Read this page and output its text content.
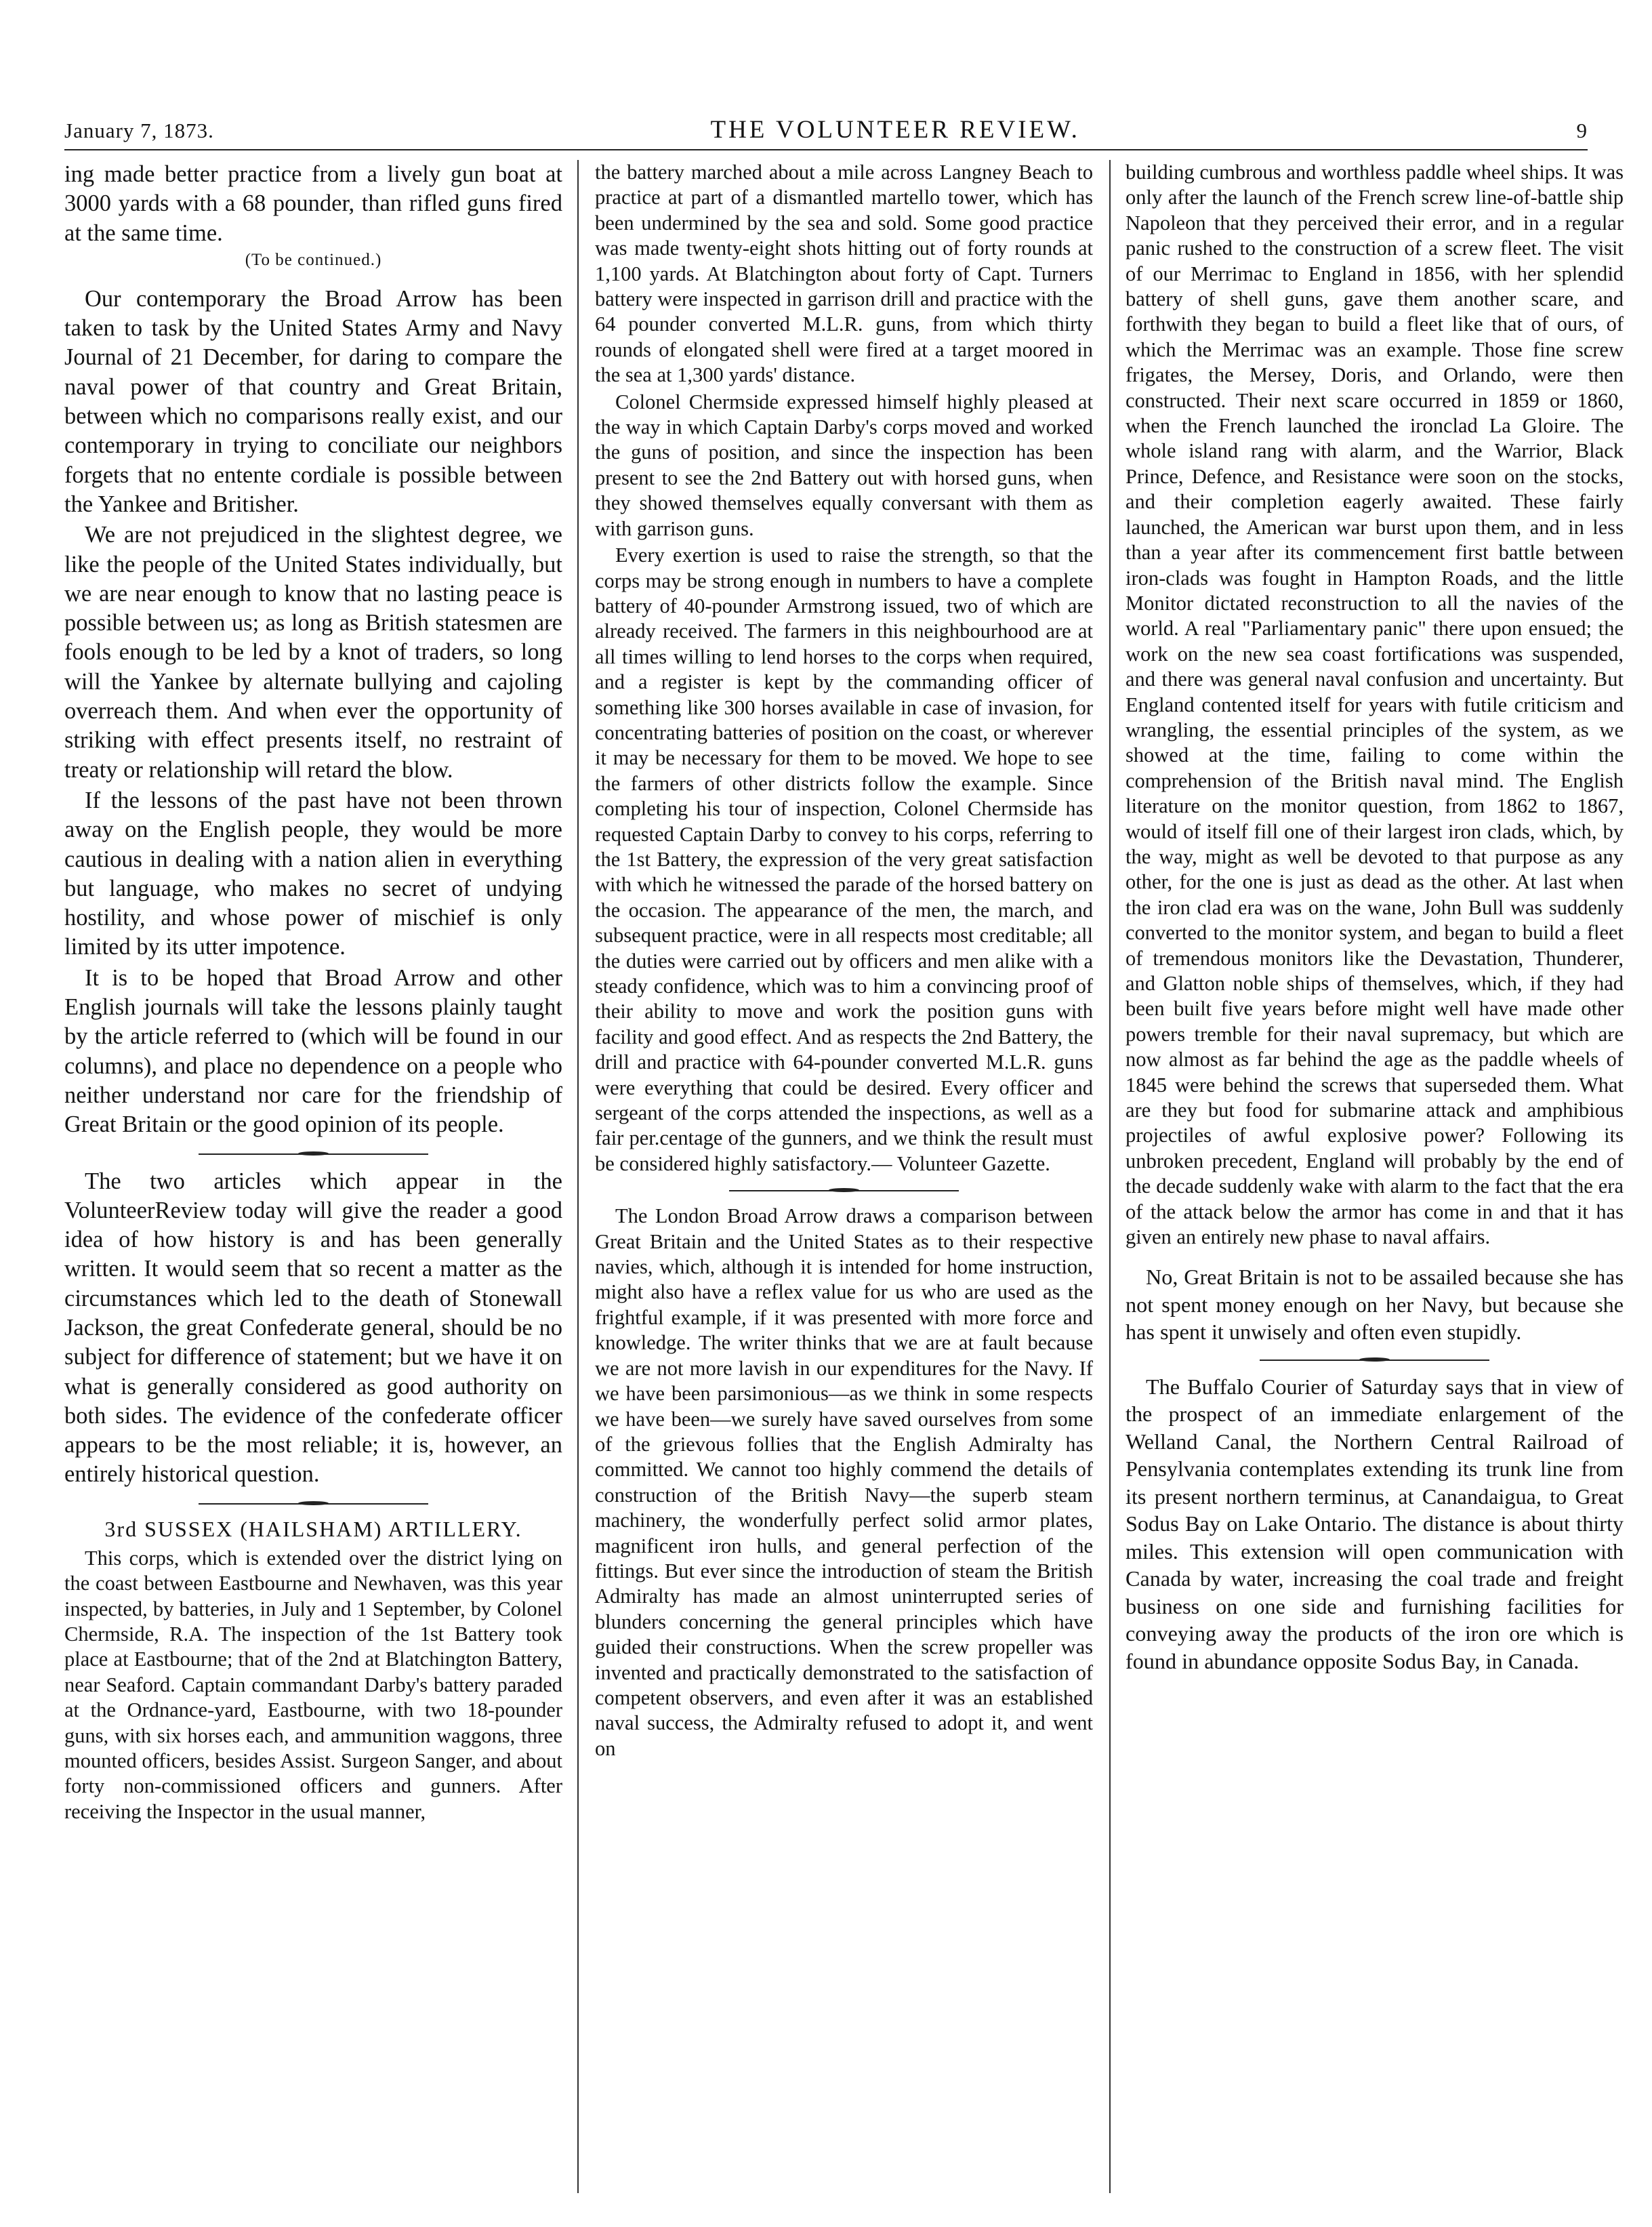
January 7, 1873.	THE VOLUNTEER REVIEW.	9

ing made better practice from a lively gun boat at 3000 yards with a 68 pounder, than rifled guns fired at the same time.

(To be continued.)

Our contemporary the Broad Arrow has been taken to task by the United States Army and Navy Journal of 21 December, for daring to compare the naval power of that country and Great Britain, between which no comparisons really exist, and our contemporary in trying to conciliate our neighbors forgets that no entente cordiale is possible between the Yankee and Britisher.

We are not prejudiced in the slightest degree, we like the people of the United States individually, but we are near enough to know that no lasting peace is possible between us; as long as British statesmen are fools enough to be led by a knot of traders, so long will the Yankee by alternate bullying and cajoling overreach them. And when ever the opportunity of striking with effect presents itself, no restraint of treaty or relationship will retard the blow.

If the lessons of the past have not been thrown away on the English people, they would be more cautious in dealing with a nation alien in everything but language, who makes no secret of undying hostility, and whose power of mischief is only limited by its utter impotence.

It is to be hoped that Broad Arrow and other English journals will take the lessons plainly taught by the article referred to (which will be found in our columns), and place no dependence on a people who neither understand nor care for the friendship of Great Britain or the good opinion of its people.

The two articles which appear in the VolunteerReview today will give the reader a good idea of how history is and has been generally written. It would seem that so recent a matter as the circumstances which led to the death of Stonewall Jackson, the great Confederate general, should be no subject for difference of statement; but we have it on what is generally considered as good authority on both sides. The evidence of the confederate officer appears to be the most reliable; it is, however, an entirely historical question.

3rd SUSSEX (HAILSHAM) ARTILLERY.

This corps, which is extended over the district lying on the coast between Eastbourne and Newhaven, was this year inspected, by batteries, in July and 1 September, by Colonel Chermside, R.A. The inspection of the 1st Battery took place at Eastbourne; that of the 2nd at Blatchington Battery, near Seaford. Captain commandant Darby's battery paraded at the Ordnance-yard, Eastbourne, with two 18-pounder guns, with six horses each, and ammunition waggons, three mounted officers, besides Assist. Surgeon Sanger, and about forty non-commissioned officers and gunners. After receiving the Inspector in the usual manner,

the battery marched about a mile across Langney Beach to practice at part of a dismantled martello tower, which has been undermined by the sea and sold. Some good practice was made twenty-eight shots hitting out of forty rounds at 1,100 yards. At Blatchington about forty of Capt. Turners battery were inspected in garrison drill and practice with the 64 pounder converted M.L.R. guns, from which thirty rounds of elongated shell were fired at a target moored in the sea at 1,300 yards' distance.

Colonel Chermside expressed himself highly pleased at the way in which Captain Darby's corps moved and worked the guns of position, and since the inspection has been present to see the 2nd Battery out with horsed guns, when they showed themselves equally conversant with them as with garrison guns.

Every exertion is used to raise the strength, so that the corps may be strong enough in numbers to have a complete battery of 40-pounder Armstrong issued, two of which are already received. The farmers in this neighbourhood are at all times willing to lend horses to the corps when required, and a register is kept by the commanding officer of something like 300 horses available in case of invasion, for concentrating batteries of position on the coast, or wherever it may be necessary for them to be moved. We hope to see the farmers of other districts follow the example. Since completing his tour of inspection, Colonel Chermside has requested Captain Darby to convey to his corps, referring to the 1st Battery, the expression of the very great satisfaction with which he witnessed the parade of the horsed battery on the occasion. The appearance of the men, the march, and subsequent practice, were in all respects most creditable; all the duties were carried out by officers and men alike with a steady confidence, which was to him a convincing proof of their ability to move and work the position guns with facility and good effect. And as respects the 2nd Battery, the drill and practice with 64-pounder converted M.L.R. guns were everything that could be desired. Every officer and sergeant of the corps attended the inspections, as well as a fair per.centage of the gunners, and we think the result must be considered highly satisfactory.— Volunteer Gazette.

The London Broad Arrow draws a comparison between Great Britain and the United States as to their respective navies, which, although it is intended for home instruction, might also have a reflex value for us who are used as the frightful example, if it was presented with more force and knowledge. The writer thinks that we are at fault because we are not more lavish in our expenditures for the Navy. If we have been parsimonious—as we think in some respects we have been—we surely have saved ourselves from some of the grievous follies that the English Admiralty has committed. We cannot too highly commend the details of construction of the British Navy—the superb steam machinery, the wonderfully perfect solid armor plates, magnificent iron hulls, and general perfection of the fittings. But ever since the introduction of steam the British Admiralty has made an almost uninterrupted series of blunders concerning the general principles which have guided their constructions. When the screw propeller was invented and practically demonstrated to the satisfaction of competent observers, and even after it was an established naval success, the Admiralty refused to adopt it, and went on

building cumbrous and worthless paddle wheel ships. It was only after the launch of the French screw line-of-battle ship Napoleon that they perceived their error, and in a regular panic rushed to the construction of a screw fleet. The visit of our Merrimac to England in 1856, with her splendid battery of shell guns, gave them another scare, and forthwith they began to build a fleet like that of ours, of which the Merrimac was an example. Those fine screw frigates, the Mersey, Doris, and Orlando, were then constructed. Their next scare occurred in 1859 or 1860, when the French launched the ironclad La Gloire. The whole island rang with alarm, and the Warrior, Black Prince, Defence, and Resistance were soon on the stocks, and their completion eagerly awaited. These fairly launched, the American war burst upon them, and in less than a year after its commencement first battle between iron-clads was fought in Hampton Roads, and the little Monitor dictated reconstruction to all the navies of the world. A real "Parliamentary panic" there upon ensued; the work on the new sea coast fortifications was suspended, and there was general naval confusion and uncertainty. But England contented itself for years with futile criticism and wrangling, the essential principles of the system, as we showed at the time, failing to come within the comprehension of the British naval mind. The English literature on the monitor question, from 1862 to 1867, would of itself fill one of their largest iron clads, which, by the way, might as well be devoted to that purpose as any other, for the one is just as dead as the other. At last when the iron clad era was on the wane, John Bull was suddenly converted to the monitor system, and began to build a fleet of tremendous monitors like the Devastation, Thunderer, and Glatton noble ships of themselves, which, if they had been built five years before might well have made other powers tremble for their naval supremacy, but which are now almost as far behind the age as the paddle wheels of 1845 were behind the screws that superseded them. What are they but food for submarine attack and amphibious projectiles of awful explosive power? Following its unbroken precedent, England will probably by the end of the decade suddenly wake with alarm to the fact that the era of the attack below the armor has come in and that it has given an entirely new phase to naval affairs.

No, Great Britain is not to be assailed because she has not spent money enough on her Navy, but because she has spent it unwisely and often even stupidly.

The Buffalo Courier of Saturday says that in view of the prospect of an immediate enlargement of the Welland Canal, the Northern Central Railroad of Pensylvania contemplates extending its trunk line from its present northern terminus, at Canandaigua, to Great Sodus Bay on Lake Ontario. The distance is about thirty miles. This extension will open communication with Canada by water, increasing the coal trade and freight business on one side and furnishing facilities for conveying away the products of the iron ore which is found in abundance opposite Sodus Bay, in Canada.
